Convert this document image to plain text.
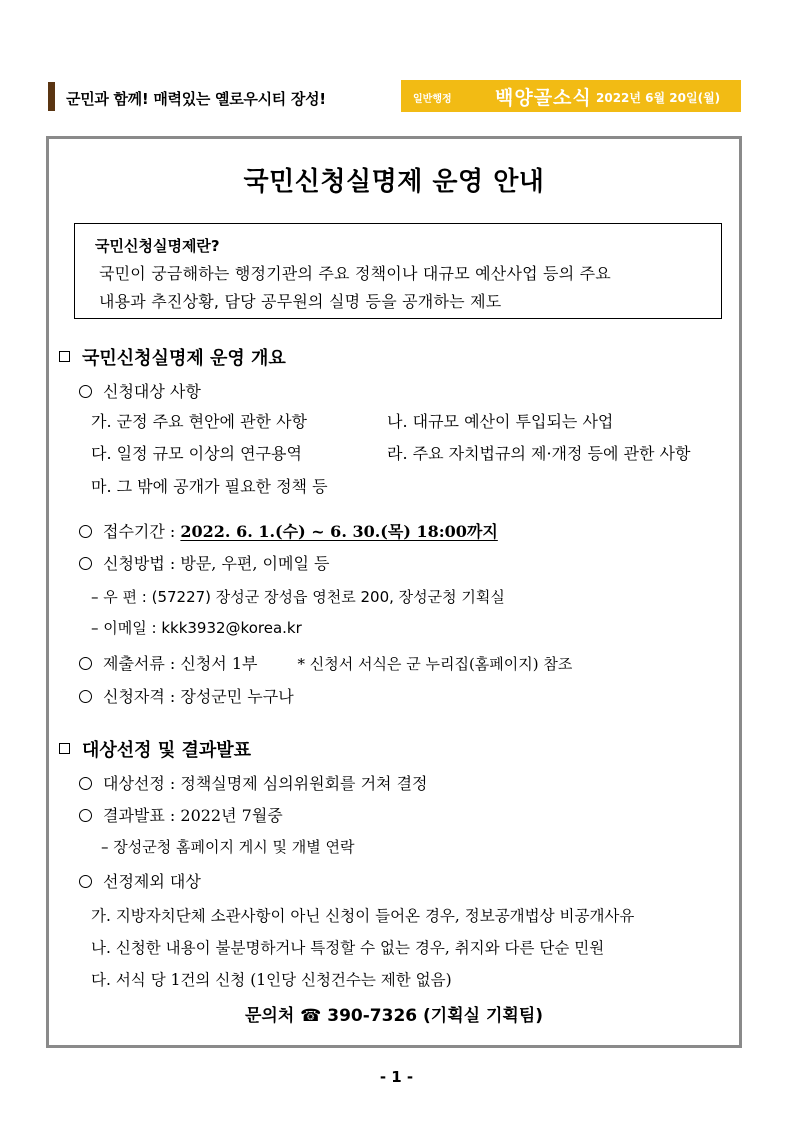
군민과 함께! 매력있는 옐로우시티 장성!	일반행정 백양골소식 2022년 6월 20일(월)
국민신청실명제 운영 안내
국민신청실명제란?
국민이 궁금해하는 행정기관의 주요 정책이나 대규모 예산사업 등의 주요
내용과 추진상황, 담당 공무원의 실명 등을 공개하는 제도
국민신청실명제 운영 개요
신청대상 사항
가. 군정 주요 현안에 관한 사항	나. 대규모 예산이 투입되는 사업
다. 일정 규모 이상의 연구용역	라. 주요 자치법규의 제·개정 등에 관한 사항
마. 그 밖에 공개가 필요한 정책 등
접수기간 : 2022. 6. 1.(수) ~ 6. 30.(목) 18:00까지
신청방법 : 방문, 우편, 이메일 등
– 우 편 : (57227) 장성군 장성읍 영천로 200, 장성군청 기획실
– 이메일 : kkk3932@korea.kr
제출서류 : 신청서 1부	* 신청서 서식은 군 누리집(홈페이지) 참조
신청자격 : 장성군민 누구나
대상선정 및 결과발표
대상선정 : 정책실명제 심의위원회를 거쳐 결정
결과발표 : 2022년 7월중
– 장성군청 홈페이지 게시 및 개별 연락
선정제외 대상
가. 지방자치단체 소관사항이 아닌 신청이 들어온 경우, 정보공개법상 비공개사유
나. 신청한 내용이 불분명하거나 특정할 수 없는 경우, 취지와 다른 단순 민원
다. 서식 당 1건의 신청 (1인당 신청건수는 제한 없음)
문의처 ☎ 390-7326 (기획실 기획팀)
- 1 -
